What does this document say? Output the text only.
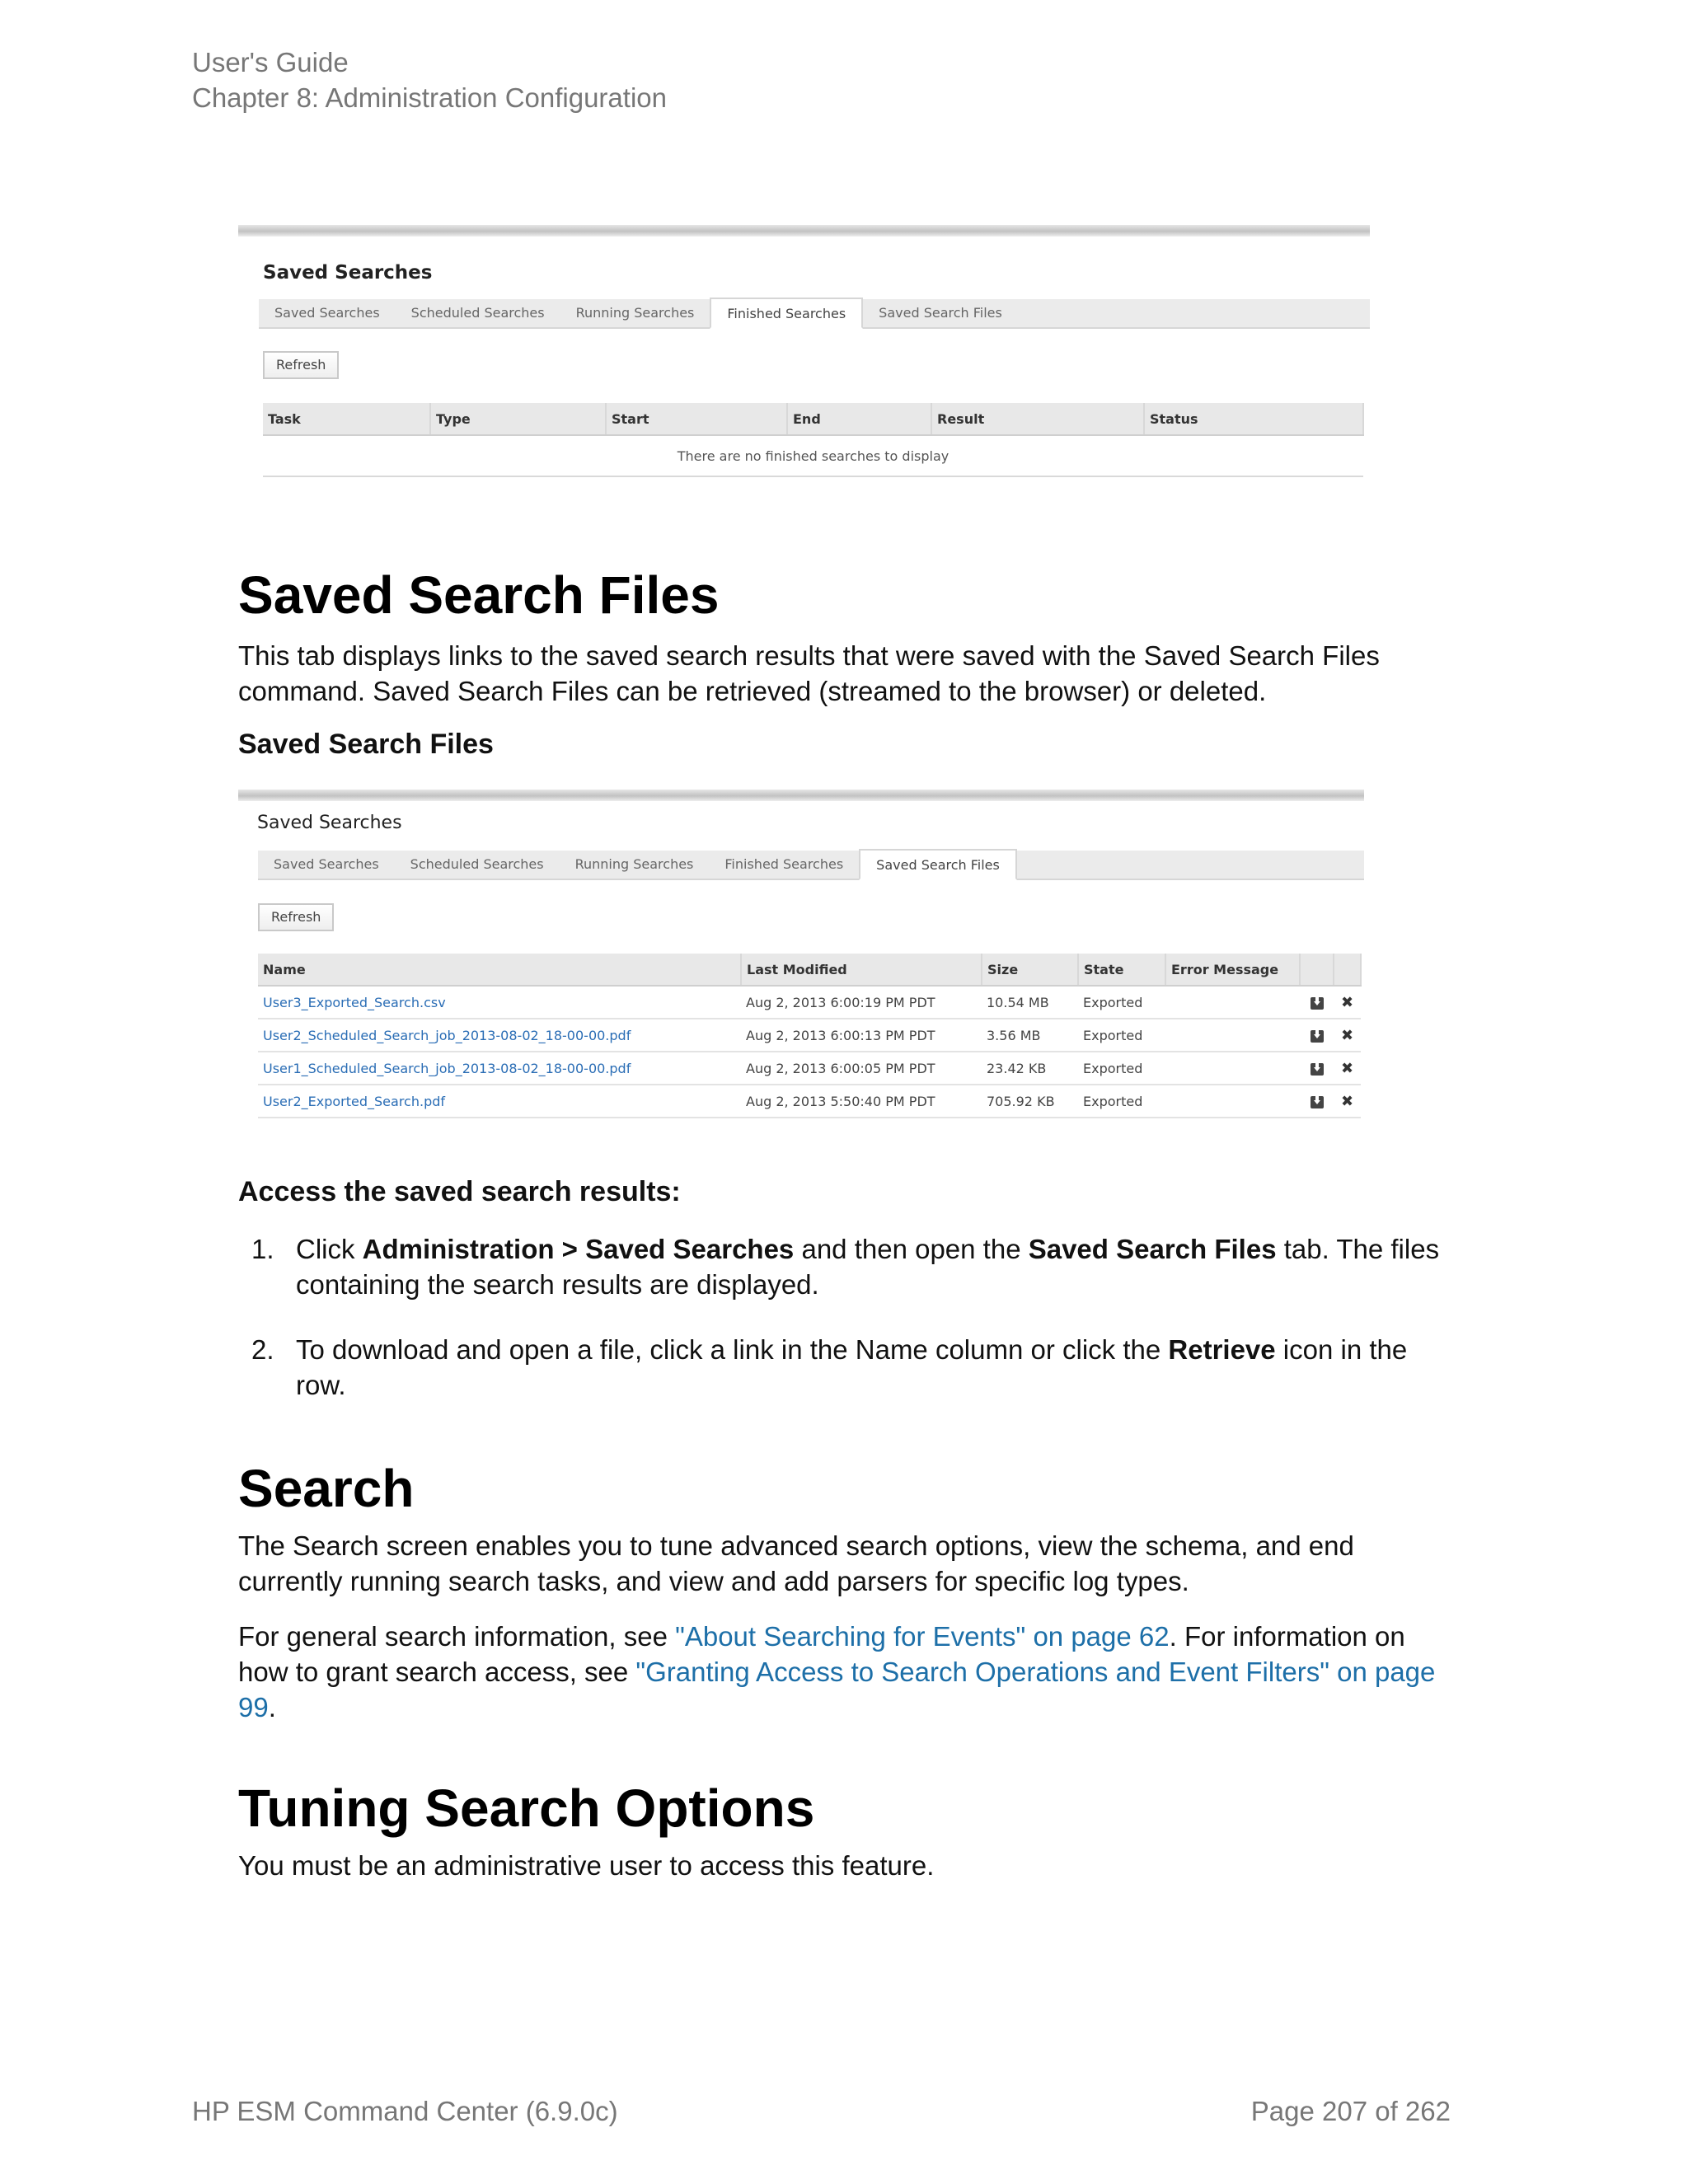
User's Guide
Chapter 8: Administration Configuration
Saved Searches
Saved Searches	Scheduled Searches	Running Searches	Finished Searches	Saved Search Files
Refresh
Task	Type	Start	End	Result	Status
There are no finished searches to display
Saved Search Files

This tab displays links to the saved search results that were saved with the Saved Search Files command. Saved Search Files can be retrieved (streamed to the browser) or deleted.

Saved Search Files

Saved Searches
Saved Searches	Scheduled Searches	Running Searches	Finished Searches	Saved Search Files
Refresh
Name	Last Modified	Size	State	Error Message		
User3_Exported_Search.csv	Aug 2, 2013 6:00:19 PM PDT	10.54 MB	Exported			✖
User2_Scheduled_Search_job_2013-08-02_18-00-00.pdf	Aug 2, 2013 6:00:13 PM PDT	3.56 MB	Exported			✖
User1_Scheduled_Search_job_2013-08-02_18-00-00.pdf	Aug 2, 2013 6:00:05 PM PDT	23.42 KB	Exported			✖
User2_Exported_Search.pdf	Aug 2, 2013 5:50:40 PM PDT	705.92 KB	Exported			✖

Access the saved search results:

1. Click Administration > Saved Searches and then open the Saved Search Files tab. The files containing the search results are displayed.
2. To download and open a file, click a link in the Name column or click the Retrieve icon in the row.
Search

The Search screen enables you to tune advanced search options, view the schema, and end currently running search tasks, and view and add parsers for specific log types.

For general search information, see "About Searching for Events" on page 62. For information on how to grant search access, see "Granting Access to Search Operations and Event Filters" on page 99.

Tuning Search Options

You must be an administrative user to access this feature.

HP ESM Command Center (6.9.0c)	Page 207 of 262
